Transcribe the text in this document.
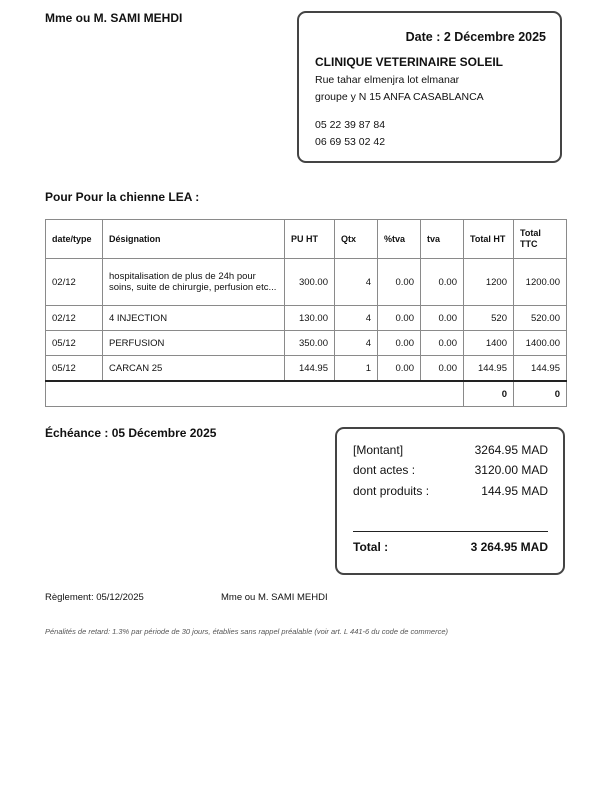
Mme ou M. SAMI MEHDI
Date : 2 Décembre 2025
CLINIQUE VETERINAIRE SOLEIL
Rue tahar elmenjra lot elmanar
groupe y N 15 ANFA CASABLANCA
05 22 39 87 84
06 69 53 02 42
Pour Pour la chienne LEA :
date/type	Désignation	PU HT	Qtx	%tva	tva	Total HT	Total TTC
02/12	hospitalisation de plus de 24h pour soins, suite de chirurgie, perfusion etc...	300.00	4	0.00	0.00	1200	1200.00
02/12	4 INJECTION	130.00	4	0.00	0.00	520	520.00
05/12	PERFUSION	350.00	4	0.00	0.00	1400	1400.00
05/12	CARCAN 25	144.95	1	0.00	0.00	144.95	144.95
						0	0
Échéance : 05 Décembre 2025
[Montant]	3264.95 MAD
dont actes :	3120.00 MAD
dont produits :	144.95 MAD
Total :	3 264.95 MAD
Règlement: 05/12/2025	Mme ou M. SAMI MEHDI
Pénalités de retard: 1.3% par période de 30 jours, établies sans rappel préalable (voir art. L 441-6 du code de commerce)
